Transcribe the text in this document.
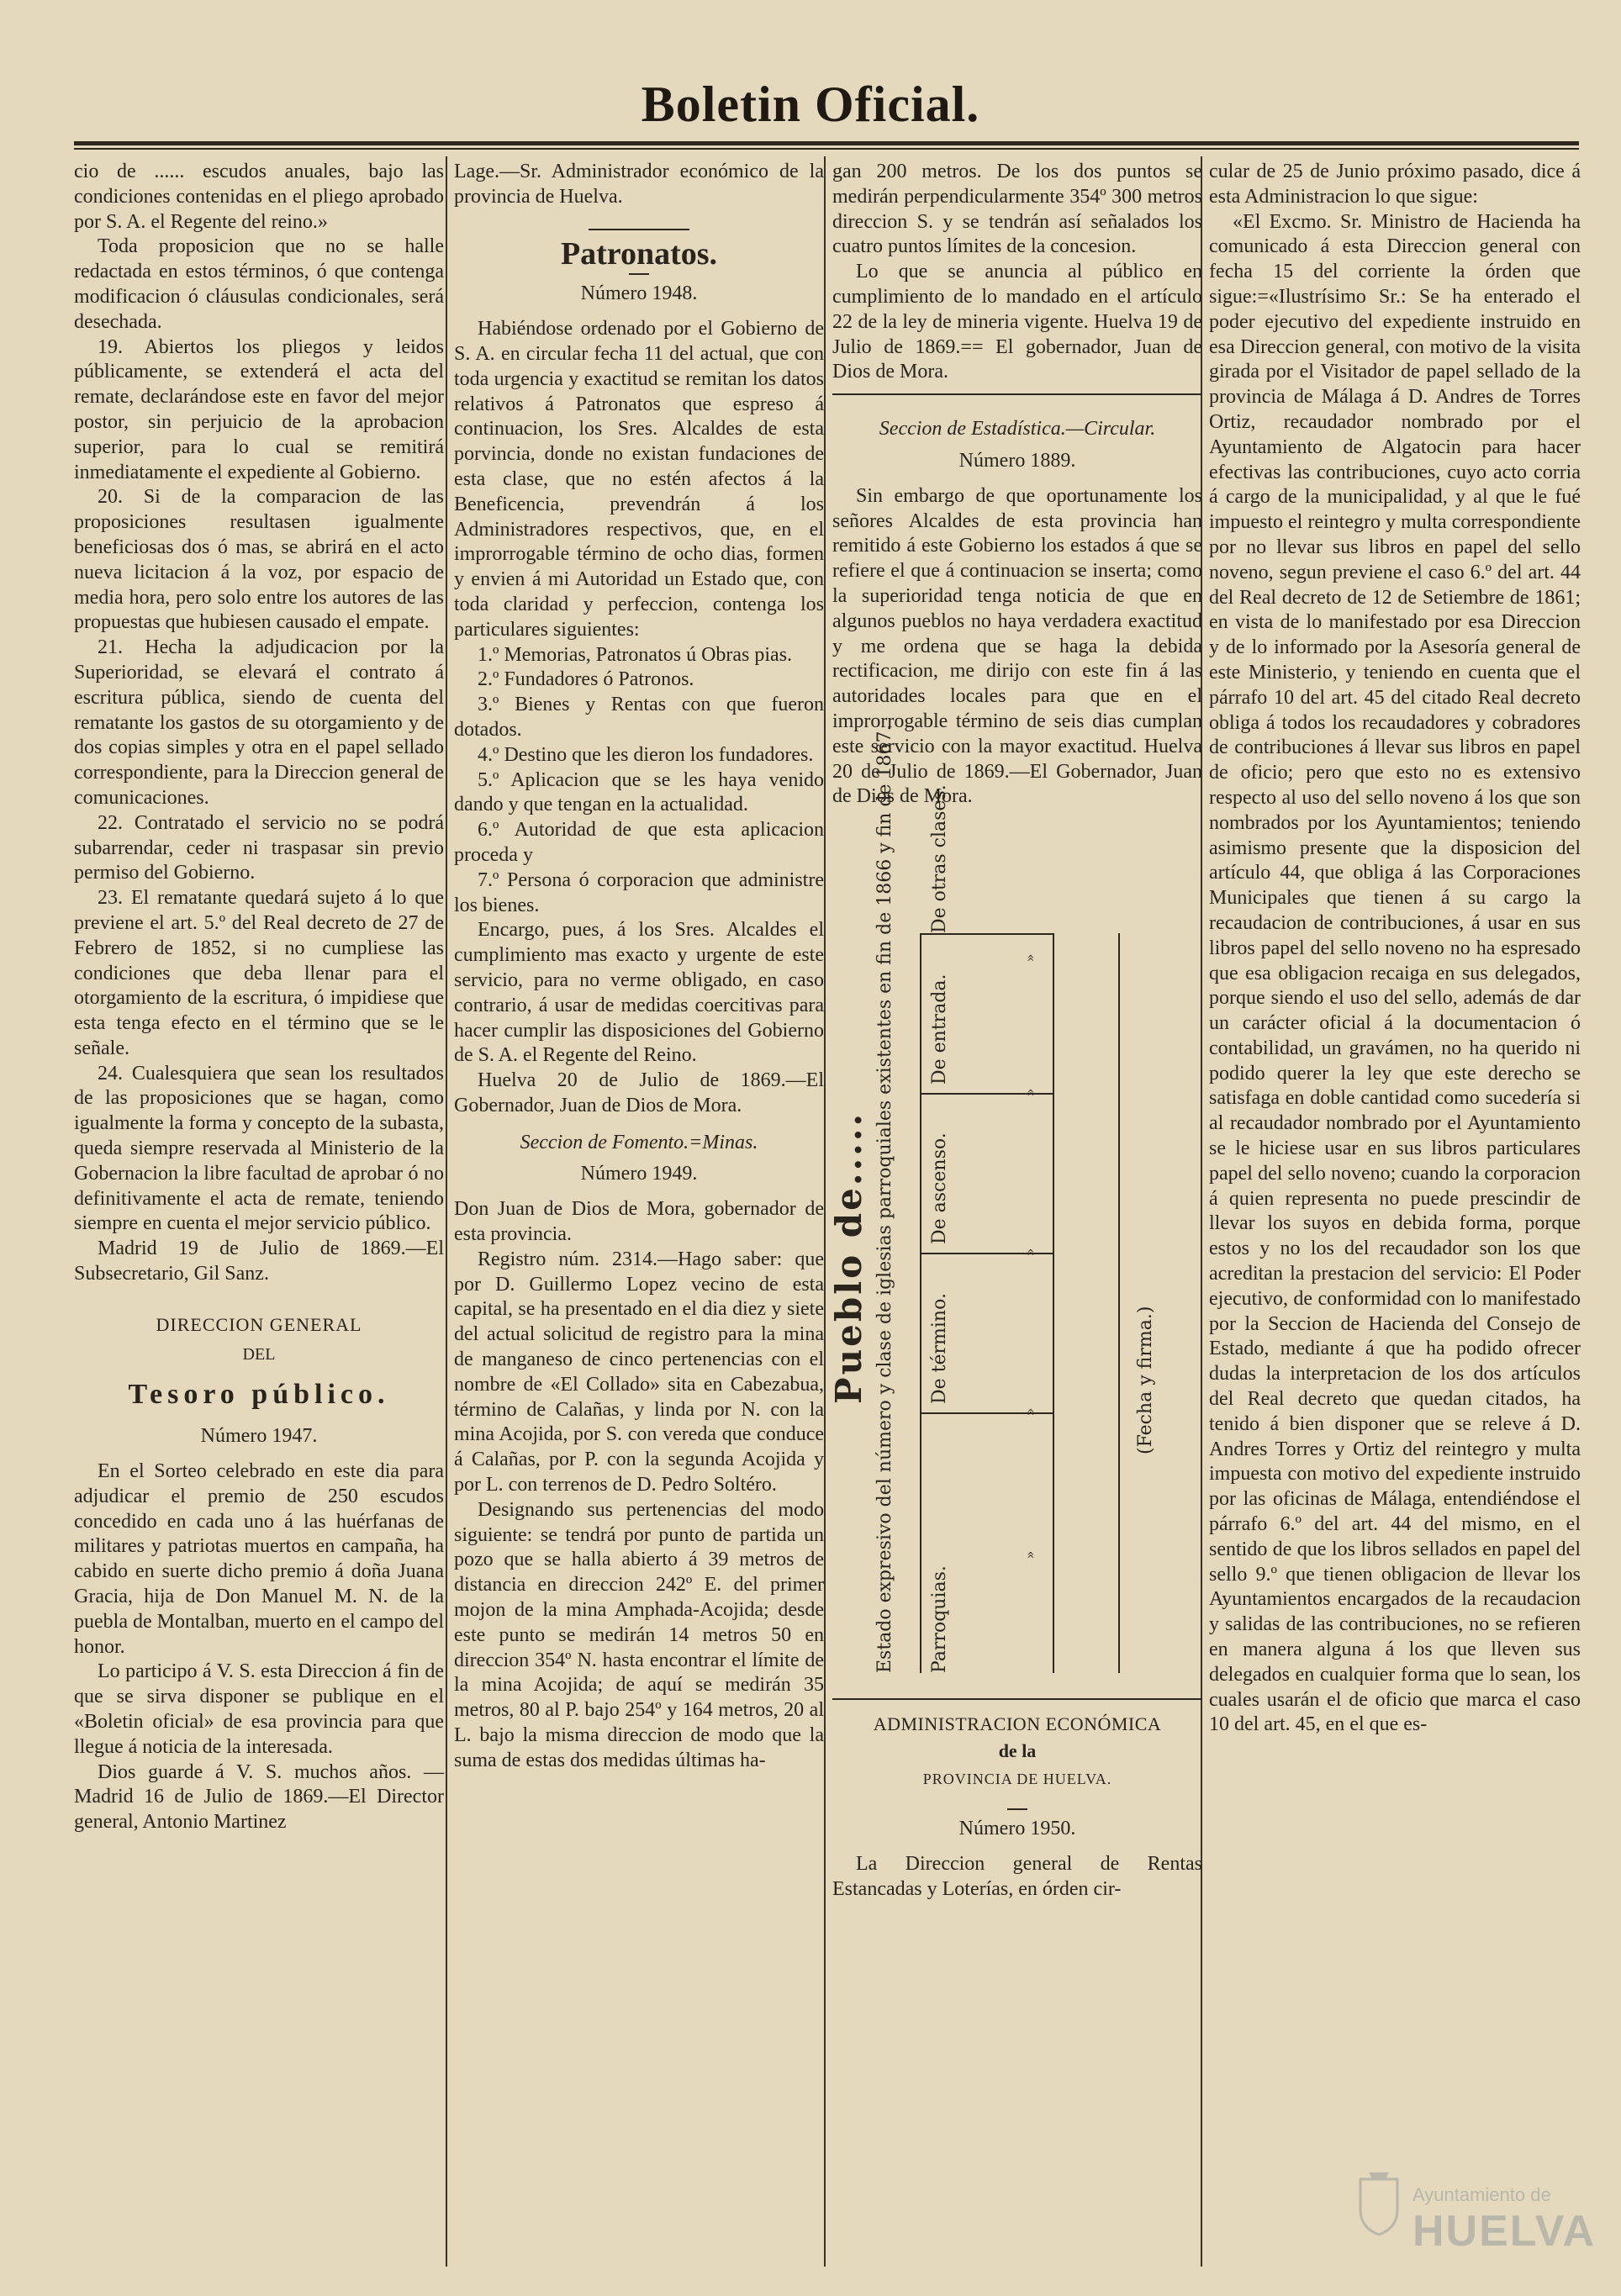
Boletin Oficial.

cio de ...... escudos anuales, bajo las condiciones contenidas en el pliego aprobado por S. A. el Regente del reino.»

Toda proposicion que no se halle redactada en estos términos, ó que contenga modificacion ó cláusulas condicionales, será desechada.

19. Abiertos los pliegos y leidos públicamente, se extenderá el acta del remate, declarándose este en favor del mejor postor, sin perjuicio de la aprobacion superior, para lo cual se remitirá inmediatamente el expediente al Gobierno.

20. Si de la comparacion de las proposiciones resultasen igualmente beneficiosas dos ó mas, se abrirá en el acto nueva licitacion á la voz, por espacio de media hora, pero solo entre los autores de las propuestas que hubiesen causado el empate.

21. Hecha la adjudicacion por la Superioridad, se elevará el contrato á escritura pública, siendo de cuenta del rematante los gastos de su otorgamiento y de dos copias simples y otra en el papel sellado correspondiente, para la Direccion general de comunicaciones.

22. Contratado el servicio no se podrá subarrendar, ceder ni traspasar sin previo permiso del Gobierno.

23. El rematante quedará sujeto á lo que previene el art. 5.º del Real decreto de 27 de Febrero de 1852, si no cumpliese las condiciones que deba llenar para el otorgamiento de la escritura, ó impidiese que esta tenga efecto en el término que se le señale.

24. Cualesquiera que sean los resultados de las proposiciones que se hagan, como igualmente la forma y concepto de la subasta, queda siempre reservada al Ministerio de la Gobernacion la libre facultad de aprobar ó no definitivamente el acta de remate, teniendo siempre en cuenta el mejor servicio público.

Madrid 19 de Julio de 1869.—El Subsecretario, Gil Sanz.

DIRECCION GENERAL
DEL
Tesoro público.
Número 1947.

En el Sorteo celebrado en este dia para adjudicar el premio de 250 escudos concedido en cada uno á las huérfanas de militares y patriotas muertos en campaña, ha cabido en suerte dicho premio á doña Juana Gracia, hija de Don Manuel M. N. de la puebla de Montalban, muerto en el campo del honor.

Lo participo á V. S. esta Direccion á fin de que se sirva disponer se publique en el «Boletin oficial» de esa provincia para que llegue á noticia de la interesada.

Dios guarde á V. S. muchos años. —Madrid 16 de Julio de 1869.—El Director general, Antonio Martinez

Lage.—Sr. Administrador económico de la provincia de Huelva.

Patronatos.
Número 1948.

Habiéndose ordenado por el Gobierno de S. A. en circular fecha 11 del actual, que con toda urgencia y exactitud se remitan los datos relativos á Patronatos que espreso á continuacion, los Sres. Alcaldes de esta porvincia, donde no existan fundaciones de esta clase, que no estén afectos á la Beneficencia, prevendrán á los Administradores respectivos, que, en el improrrogable término de ocho dias, formen y envien á mi Autoridad un Estado que, con toda claridad y perfeccion, contenga los particulares siguientes:

1.º Memorias, Patronatos ú Obras pias.

2.º Fundadores ó Patronos.

3.º Bienes y Rentas con que fueron dotados.

4.º Destino que les dieron los fundadores.

5.º Aplicacion que se les haya venido dando y que tengan en la actualidad.

6.º Autoridad de que esta aplicacion proceda y

7.º Persona ó corporacion que administre los bienes.

Encargo, pues, á los Sres. Alcaldes el cumplimiento mas exacto y urgente de este servicio, para no verme obligado, en caso contrario, á usar de medidas coercitivas para hacer cumplir las disposiciones del Gobierno de S. A. el Regente del Reino.

Huelva 20 de Julio de 1869.—El Gobernador, Juan de Dios de Mora.

Seccion de Fomento.=Minas.
Número 1949.

Don Juan de Dios de Mora, gobernador de esta provincia.

Registro núm. 2314.—Hago saber: que por D. Guillermo Lopez vecino de esta capital, se ha presentado en el dia diez y siete del actual solicitud de registro para la mina de manganeso de cinco pertenencias con el nombre de «El Collado» sita en Cabezabua, término de Calañas, y linda por N. con la mina Acojida, por S. con vereda que conduce á Calañas, por P. con la segunda Acojida y por L. con terrenos de D. Pedro Soltéro.

Designando sus pertenencias del modo siguiente: se tendrá por punto de partida un pozo que se halla abierto á 39 metros de distancia en direccion 242º E. del primer mojon de la mina Amphada-Acojida; desde este punto se medirán 14 metros 50 en direccion 354º N. hasta encontrar el límite de la mina Acojida; de aquí se medirán 35 metros, 80 al P. bajo 254º y 164 metros, 20 al L. bajo la misma direccion de modo que la suma de estas dos medidas últimas ha-

gan 200 metros. De los dos puntos se medirán perpendicularmente 354º 300 metros direccion S. y se tendrán así señalados los cuatro puntos límites de la concesion.

Lo que se anuncia al público en cumplimiento de lo mandado en el artículo 22 de la ley de mineria vigente. Huelva 19 de Julio de 1869.== El gobernador, Juan de Dios de Mora.

Seccion de Estadística.—Circular.
Número 1889.

Sin embargo de que oportunamente los señores Alcaldes de esta provincia han remitido á este Gobierno los estados á que se refiere el que á continuacion se inserta; como la superioridad tenga noticia de que en algunos pueblos no haya verdadera exactitud y me ordena que se haga la debida rectificacion, me dirijo con este fin á las autoridades locales para que en el improrrogable término de seis dias cumplan este servicio con la mayor exactitud. Huelva 20 de Julio de 1869.—El Gobernador, Juan de Dios de Mora.

Estado expresivo del número y clase de iglesias parroquiales existentes en fin de 1866 y fin de 1867. Parroquias.
De término.
De ascenso.
De entrada.
De otras clases.
Pueblo de.....	(Fecha y firma.)
»
»
»
»
»
ADMINISTRACION ECONÓMICA
de la
PROVINCIA DE HUELVA.
Número 1950.

La Direccion general de Rentas Estancadas y Loterías, en órden cir-

cular de 25 de Junio próximo pasado, dice á esta Administracion lo que sigue:

«El Excmo. Sr. Ministro de Hacienda ha comunicado á esta Direccion general con fecha 15 del corriente la órden que sigue:=«Ilustrísimo Sr.: Se ha enterado el poder ejecutivo del expediente instruido en esa Direccion general, con motivo de la visita girada por el Visitador de papel sellado de la provincia de Málaga á D. Andres de Torres Ortiz, recaudador nombrado por el Ayuntamiento de Algatocin para hacer efectivas las contribuciones, cuyo acto corria á cargo de la municipalidad, y al que le fué impuesto el reintegro y multa correspondiente por no llevar sus libros en papel del sello noveno, segun previene el caso 6.º del art. 44 del Real decreto de 12 de Setiembre de 1861; en vista de lo manifestado por esa Direccion y de lo informado por la Asesoría general de este Ministerio, y teniendo en cuenta que el párrafo 10 del art. 45 del citado Real decreto obliga á todos los recaudadores y cobradores de contribuciones á llevar sus libros en papel de oficio; pero que esto no es extensivo respecto al uso del sello noveno á los que son nombrados por los Ayuntamientos; teniendo asimismo presente que la disposicion del artículo 44, que obliga á las Corporaciones Municipales que tienen á su cargo la recaudacion de contribuciones, á usar en sus libros papel del sello noveno no ha espresado que esa obligacion recaiga en sus delegados, porque siendo el uso del sello, además de dar un carácter oficial á la documentacion ó contabilidad, un gravámen, no ha querido ni podido querer la ley que este derecho se satisfaga en doble cantidad como sucedería si al recaudador nombrado por el Ayuntamiento se le hiciese usar en sus libros particulares papel del sello noveno; cuando la corporacion á quien representa no puede prescindir de llevar los suyos en debida forma, porque estos y no los del recaudador son los que acreditan la prestacion del servicio: El Poder ejecutivo, de conformidad con lo manifestado por la Seccion de Hacienda del Consejo de Estado, mediante á que ha podido ofrecer dudas la interpretacion de los dos artículos del Real decreto que quedan citados, ha tenido á bien disponer que se releve á D. Andres Torres y Ortiz del reintegro y multa impuesta con motivo del expediente instruido por las oficinas de Málaga, entendiéndose el párrafo 6.º del art. 44 del mismo, en el sentido de que los libros sellados en papel del sello 9.º que tienen obligacion de llevar los Ayuntamientos encargados de la recaudacion y salidas de las contribuciones, no se refieren en manera alguna á los que lleven sus delegados en cualquier forma que lo sean, los cuales usarán el de oficio que marca el caso 10 del art. 45, en el que es-

Ayuntamiento de
HUELVA
